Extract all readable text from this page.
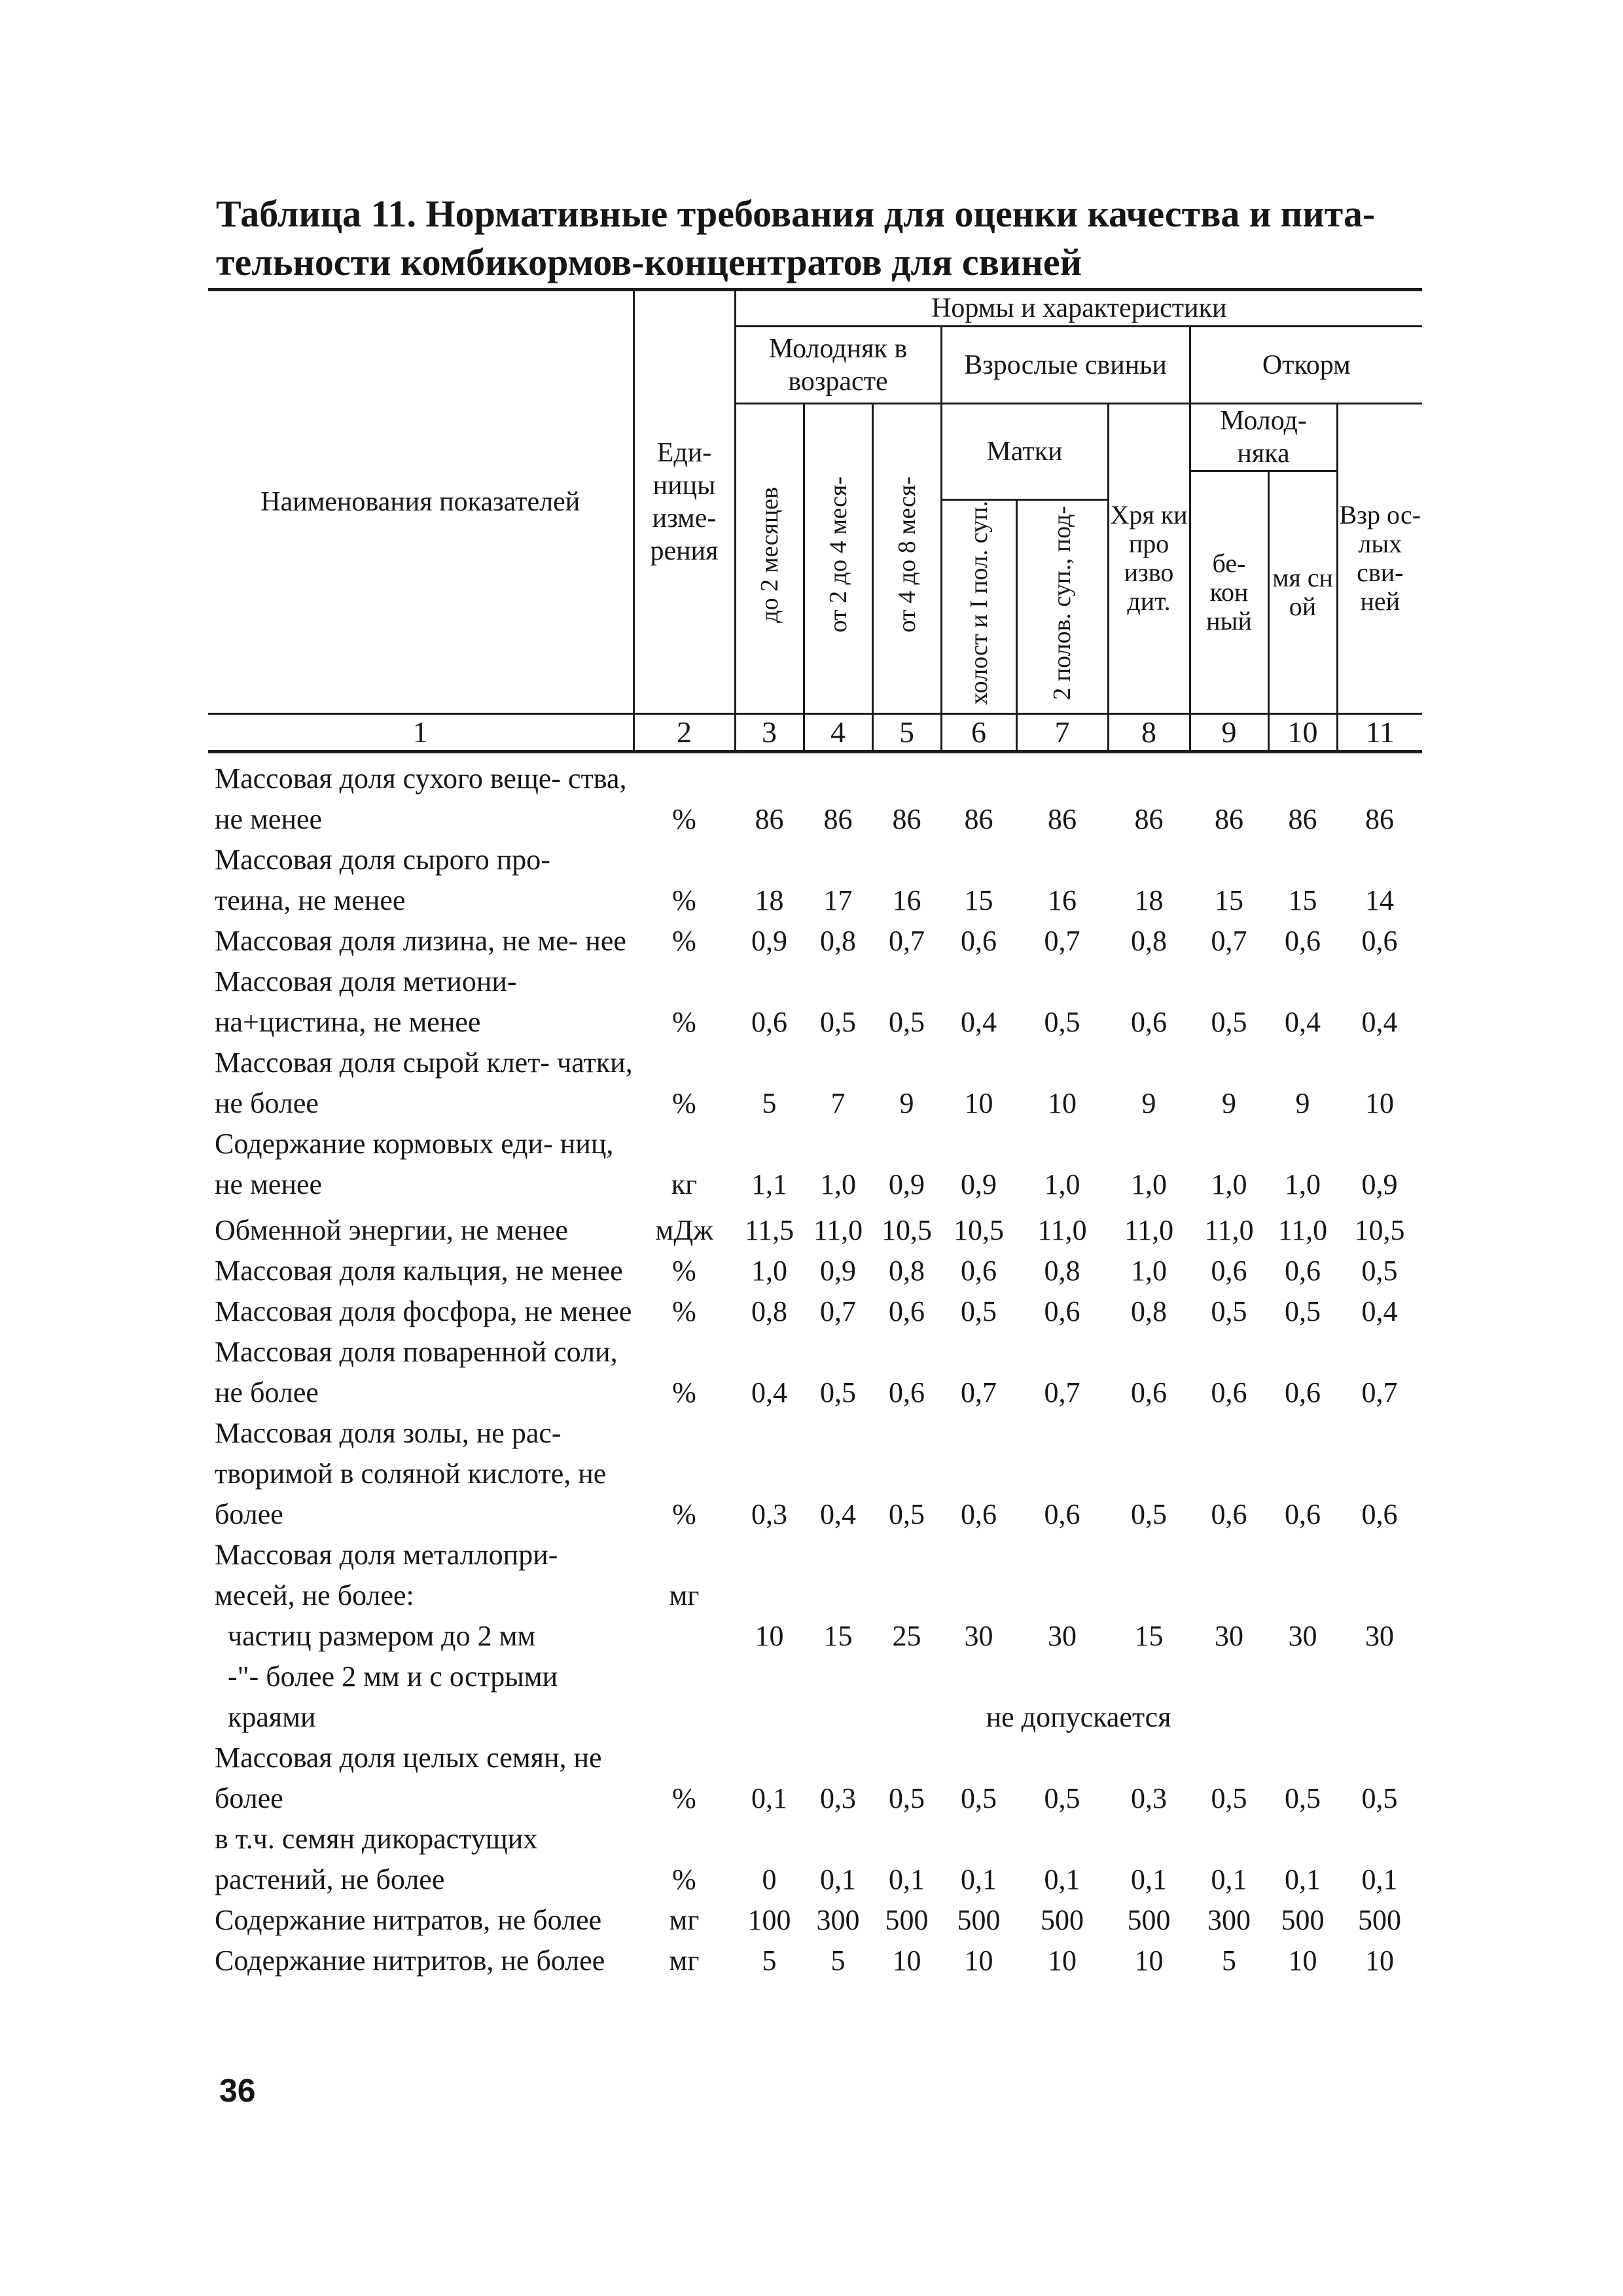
Таблица 11. Нормативные требования для оценки качества и пита-
тельности комбикормов-концентратов для свиней
Наименования показателей	Еди- ницы изме- рения	Нормы и характеристики								
		Молодняк в возрасте			Взрослые свиньи			Откорм		
		до 2 месяцев	от 2 до 4 меся-	от 4 до 8 меся-	Матки		Хря ки про изво дит.	Молод- няка		Взр ос- лых сви- ней
								бе- кон ный	мя сн ой	
					холост и I пол. суп.	2 полов. суп., под-				
1	2	3	4	5	6	7	8	9	10	11
Массовая доля сухого веще- ства, не менее	%	86	86	86	86	86	86	86	86	86
Массовая доля сырого про- теина, не менее	%	18	17	16	15	16	18	15	15	14
Массовая доля лизина, не ме- нее	%	0,9	0,8	0,7	0,6	0,7	0,8	0,7	0,6	0,6
Массовая доля метиони- на+цистина, не менее	%	0,6	0,5	0,5	0,4	0,5	0,6	0,5	0,4	0,4
Массовая доля сырой клет- чатки, не более	%	5	7	9	10	10	9	9	9	10
Содержание кормовых еди- ниц, не менее	кг	1,1	1,0	0,9	0,9	1,0	1,0	1,0	1,0	0,9
Обменной энергии, не менее	мДж	11,5	11,0	10,5	10,5	11,0	11,0	11,0	11,0	10,5
Массовая доля кальция, не менее	%	1,0	0,9	0,8	0,6	0,8	1,0	0,6	0,6	0,5
Массовая доля фосфора, не менее	%	0,8	0,7	0,6	0,5	0,6	0,8	0,5	0,5	0,4
Массовая доля поваренной соли, не более	%	0,4	0,5	0,6	0,7	0,7	0,6	0,6	0,6	0,7
Массовая доля золы, не рас- творимой в соляной кислоте, не более	%	0,3	0,4	0,5	0,6	0,6	0,5	0,6	0,6	0,6
Массовая доля металлопри- месей, не более:	мг									
частиц размером до 2 мм		10	15	25	30	30	15	30	30	30
-"- более 2 мм и с острыми краями		не допускается								
Массовая доля целых семян, не более	%	0,1	0,3	0,5	0,5	0,5	0,3	0,5	0,5	0,5
в т.ч. семян дикорастущих растений, не более	%	0	0,1	0,1	0,1	0,1	0,1	0,1	0,1	0,1
Содержание нитратов, не более	мг	100	300	500	500	500	500	300	500	500
Содержание нитритов, не более	мг	5	5	10	10	10	10	5	10	10
36
